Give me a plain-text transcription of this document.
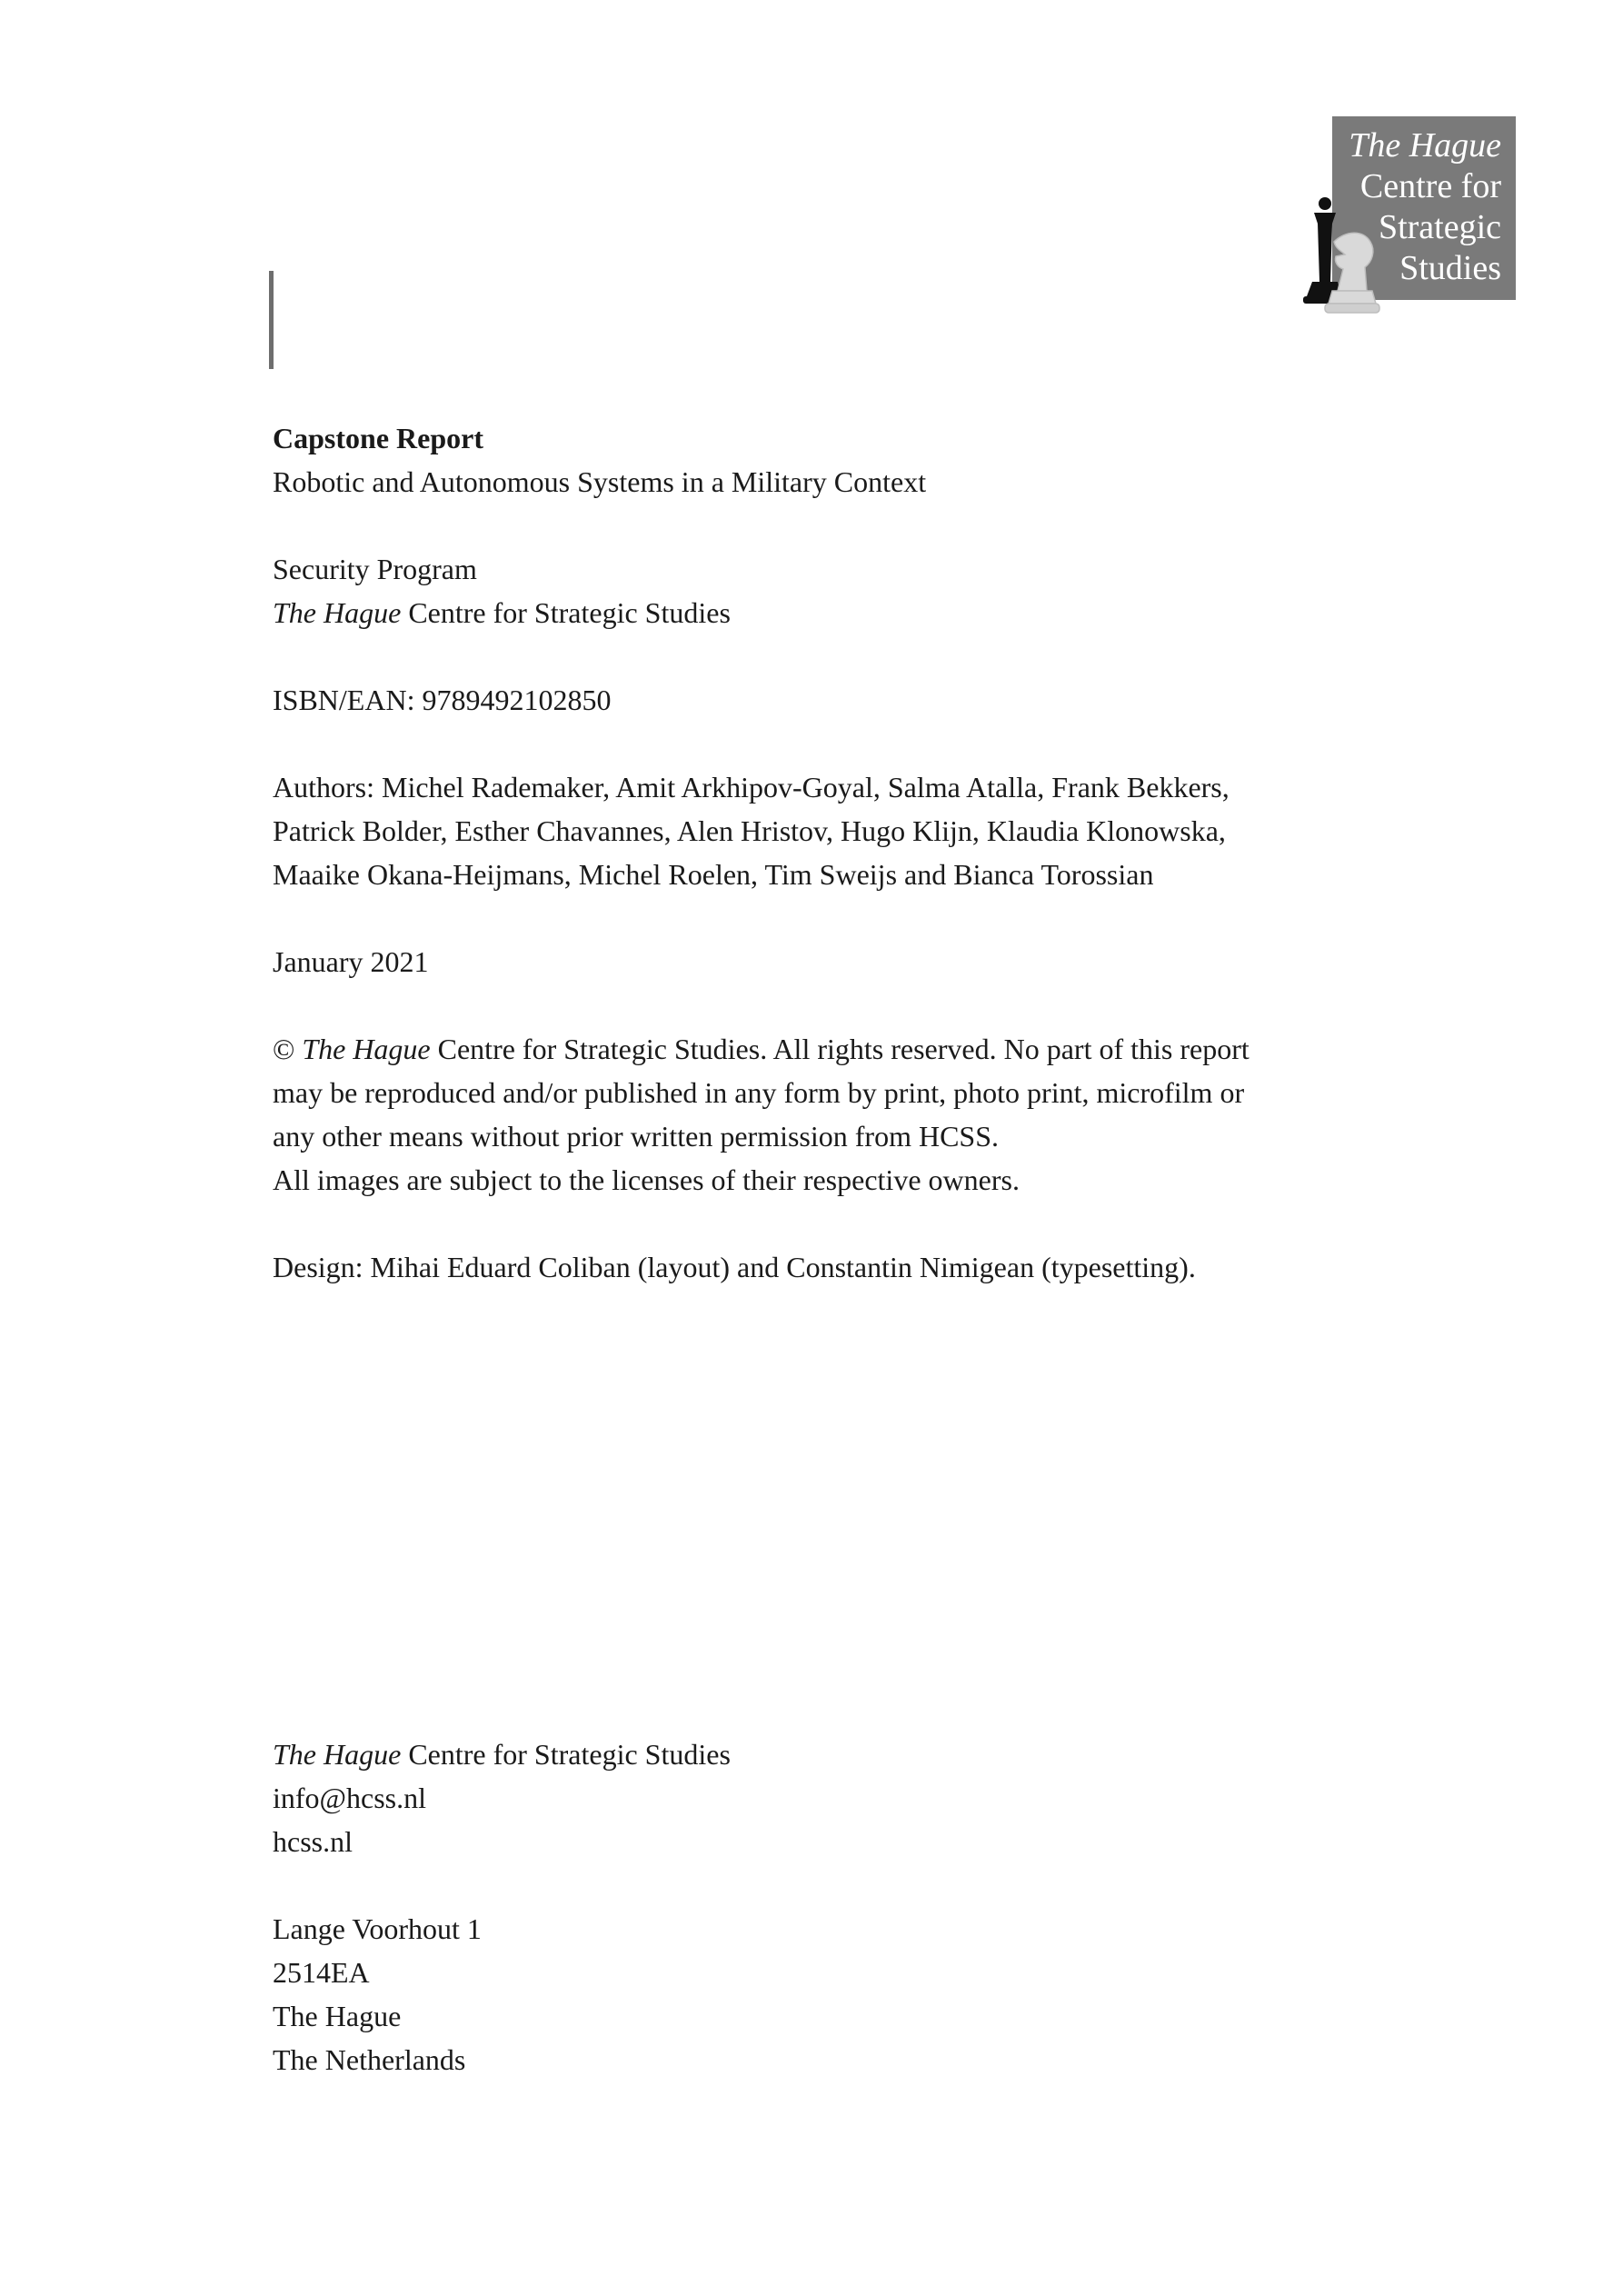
The Hague
Centre for
Strategic
Studies

Capstone Report
Robotic and Autonomous Systems in a Military Context

Security Program
The Hague Centre for Strategic Studies

ISBN/EAN: 9789492102850

Authors: Michel Rademaker, Amit Arkhipov-Goyal, Salma Atalla, Frank Bekkers,
Patrick Bolder, Esther Chavannes, Alen Hristov, Hugo Klijn, Klaudia Klonowska,
Maaike Okana-Heijmans, Michel Roelen, Tim Sweijs and Bianca Torossian

January 2021

© The Hague Centre for Strategic Studies. All rights reserved. No part of this report
may be reproduced and/or published in any form by print, photo print, microfilm or
any other means without prior written permission from HCSS.
All images are subject to the licenses of their respective owners.

Design: Mihai Eduard Coliban (layout) and Constantin Nimigean (typesetting).

The Hague Centre for Strategic Studies
info@hcss.nl
hcss.nl

Lange Voorhout 1
2514EA
The Hague
The Netherlands
